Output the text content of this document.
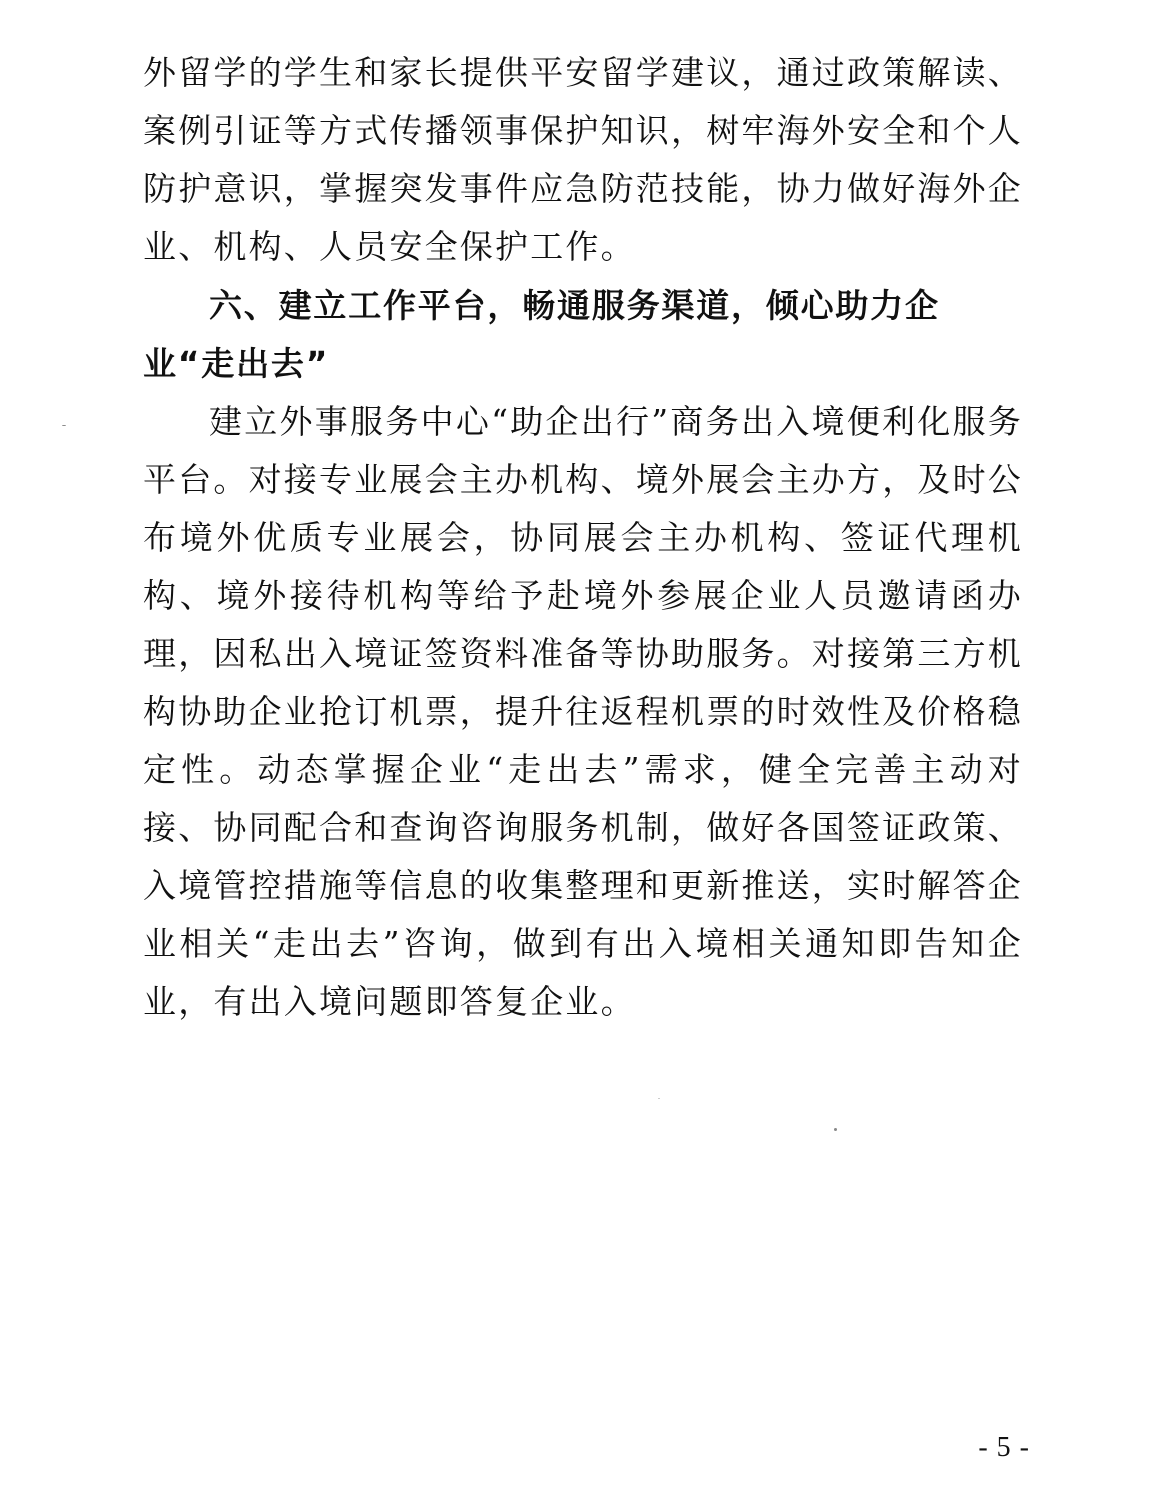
外留学的学生和家长提供平安留学建议，通过政策解读、案例引证等方式传播领事保护知识，树牢海外安全和个人防护意识，掌握突发事件应急防范技能，协力做好海外企业、机构、人员安全保护工作。
六、建立工作平台，畅通服务渠道，倾心助力企业“走出去”
建立外事服务中心“助企出行”商务出入境便利化服务平台。对接专业展会主办机构、境外展会主办方，及时公布境外优质专业展会，协同展会主办机构、签证代理机构、境外接待机构等给予赴境外参展企业人员邀请函办理，因私出入境证签资料准备等协助服务。对接第三方机构协助企业抢订机票，提升往返程机票的时效性及价格稳定性。动态掌握企业“走出去”需求，健全完善主动对接、协同配合和查询咨询服务机制，做好各国签证政策、入境管控措施等信息的收集整理和更新推送，实时解答企业相关“走出去”咨询，做到有出入境相关通知即告知企业，有出入境问题即答复企业。
- 5 -
